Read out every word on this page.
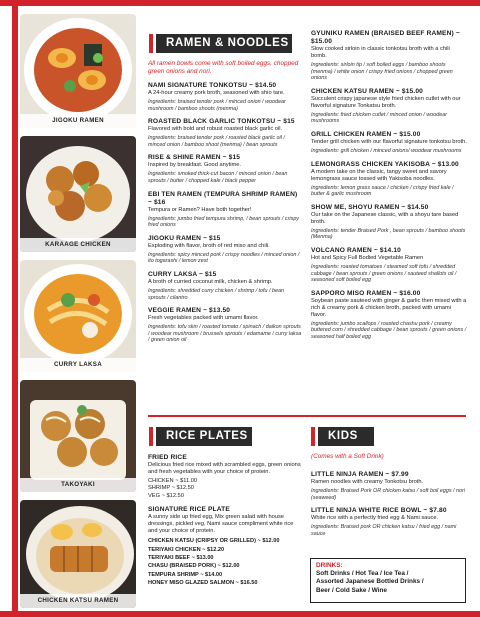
JIGOKU RAMEN
KARAAGE CHICKEN
CURRY LAKSA
TAKOYAKI
CHICKEN KATSU RAMEN
RAMEN & NOODLES
All ramen bowls come with soft boiled eggs, chopped green onions and nori.
NAMI SIGNATURE TONKOTSU ~ $14.50
A 24-hour creamy pork broth, seasoned with shio tare.
Ingredients: braised tender pork / minced onion / woodear mushroom / bamboo shoots (menma)
ROASTED BLACK GARLIC TONKOTSU ~ $15
Flavored with bold and robust roasted black garlic oil.
Ingredients: braised tender pork / roasted black garlic oil / minced onion / bamboo shoot (menma) / bean sprouts
RISE & SHINE RAMEN ~ $15
Inspired by breakfast. Good anytime.
Ingredients: smoked thick-cut bacon / minced onion / bean sprouts / butter / chopped kale / black pepper
EBI TEN RAMEN (TEMPURA SHRIMP RAMEN) ~ $16
Tempura or Ramen? Have both together!
Ingredients: jumbo fried tempura shrimp, / bean sprouts / crispy fried onions
JIGOKU RAMEN ~ $15
Exploding with flavor, broth of red miso and chili.
Ingredients: spicy minced pork / crispy noodles / minced onion / ito togarashi / lemon zest
CURRY LAKSA ~ $15
A broth of curried coconut milk, chicken & shrimp.
Ingredients: shredded curry chicken / shrimp / tofu / bean sprouts / cilantro
VEGGIE RAMEN ~ $13.50
Fresh vegetables packed with umami flavor.
Ingredients: tofu skin / roasted tomato / spinach / daikon sprouts / woodear mushroom / brussels sprouts / edamame / curry laksa / green onion oil
GYUNIKU RAMEN (BRAISED BEEF RAMEN) ~ $15.00
Slow cooked sirloin in classic tonkotsu broth with a chili bomb.
Ingredients: sirloin tip / soft boiled eggs / bamboo shoots (menma) / white onion / crispy fried onions / chopped green onions
CHICKEN KATSU RAMEN ~ $15.00
Succulent crispy japanese style fried chicken cutlet with our flavorful signature Tonkatsu broth.
Ingredients: fried chicken cutlet / minced onion / woodear mushrooms
GRILL CHICKEN RAMEN ~ $15.00
Tender grill chicken with our flavorful signature tonkotsu broth.
Ingredients: grill chicken / minced onions/ woodear mushrooms
LEMONGRASS CHICKEN YAKISOBA ~ $13.00
A modern take on the classic, tangy sweet and savory lemongrass sauce tossed with Yakisoba noodles.
Ingredients: lemon grass sauce / chicken / crispy fried kale / butter & garlic mushroom
SHOW ME, SHOYU RAMEN ~ $14.50
Our take on the Japanese classic, with a shoyu tare based broth.
Ingredients: tender Braised Pork , bean sprouts / bamboo shoots (Menma)
VOLCANO RAMEN ~ $14.10
Hot and Spicy Full Bodied Vegetable Ramen
Ingredients: roasted tomatoes / steamed soft tofu / shredded cabbage / bean sprouts / green onions / sauteed shallots oil / seasoned soft boiled egg
SAPPORO MISO RAMEN ~ $16.00
Soybean paste sauteed with ginger & garlic then mixed with a rich & creamy pork & chicken broth, packed with umami flavor.
Ingredients: jumbo scallops / roasted chashu pork / creamy buttered corn / shredded cabbage / bean sprouts / green onions / seasoned half boiled egg
RICE PLATES
FRIED RICE
Delicious fried rice mixed with scrambled eggs, green onions and fresh vegetables with your choice of protein.
CHICKEN ~ $11.00
SHRIMP ~ $12.50
VEG ~ $12.50
SIGNATURE RICE PLATE
A sunny side up fried egg, Mix green salad with house dressings, pickled veg, Nami sauce compliment white rice and your choice of protein.
CHICKEN KATSU (CRIPSY OR GRILLED) ~ $12.00
TERIYAKI CHICKEN ~ $12.20
TERIYAKI BEEF ~ $13.00
CHASU (BRAISED PORK) ~ $12.00
TEMPURA SHRIMP ~ $14.00
HONEY MISO GLAZED SALMON ~ $16.50
KIDS
(Comes with a Soft Drink)
LITTLE NINJA RAMEN ~ $7.99
Ramen noodles with creamy Tonkotsu broth.
Ingredients: Braised Pork OR chicken katsu / soft boil eggs / nori (seaweed)
LITTLE NINJA WHITE RICE BOWL ~ $7.80
White rice with a perfectly fried egg & Nami sauce.
Ingredients: Braised pork OR chicken katsu / fried egg / nami sauce
DRINKS:
Soft Drinks / Hot Tea / Ice Tea /
Assorted Japanese Bottled Drinks /
Beer / Cold Sake / Wine
